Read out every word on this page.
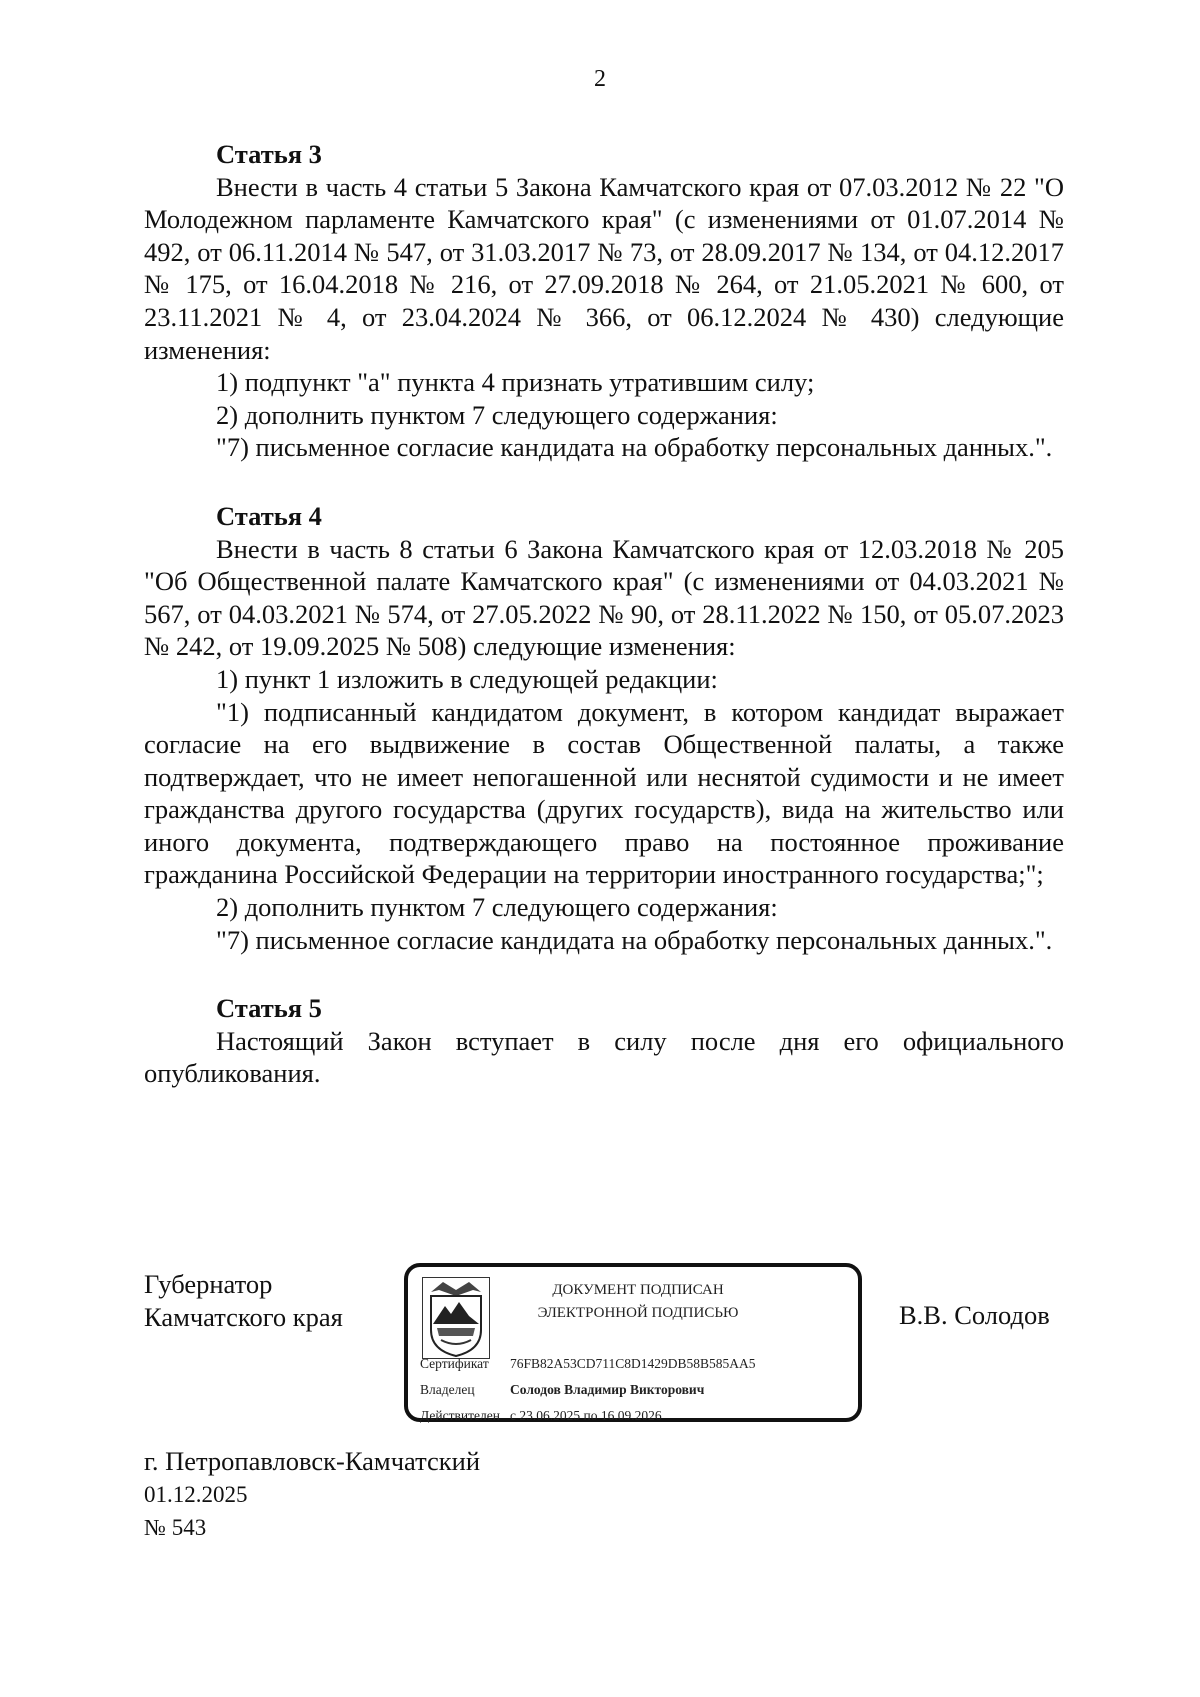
2

Статья 3

Внести в часть 4 статьи 5 Закона Камчатского края от 07.03.2012 № 22 "О Молодежном парламенте Камчатского края" (с изменениями от 01.07.2014 № 492, от 06.11.2014 № 547, от 31.03.2017 № 73, от 28.09.2017 № 134, от 04.12.2017 № 175, от 16.04.2018 № 216, от 27.09.2018 № 264, от 21.05.2021 № 600, от 23.11.2021 № 4, от 23.04.2024 № 366, от 06.12.2024 № 430) следующие изменения:

1) подпункт "а" пункта 4 признать утратившим силу;

2) дополнить пунктом 7 следующего содержания:

"7) письменное согласие кандидата на обработку персональных данных.".

Статья 4

Внести в часть 8 статьи 6 Закона Камчатского края от 12.03.2018 № 205 "Об Общественной палате Камчатского края" (с изменениями от 04.03.2021 № 567, от 04.03.2021 № 574, от 27.05.2022 № 90, от 28.11.2022 № 150, от 05.07.2023 № 242, от 19.09.2025 № 508) следующие изменения:

1) пункт 1 изложить в следующей редакции:

"1) подписанный кандидатом документ, в котором кандидат выражает согласие на его выдвижение в состав Общественной палаты, а также подтверждает, что не имеет непогашенной или неснятой судимости и не имеет гражданства другого государства (других государств), вида на жительство или иного документа, подтверждающего право на постоянное проживание гражданина Российской Федерации на территории иностранного государства;";

2) дополнить пунктом 7 следующего содержания:

"7) письменное согласие кандидата на обработку персональных данных.".

Статья 5

Настоящий Закон вступает в силу после дня его официального опубликования.

Губернатор
Камчатского края
ДОКУМЕНТ ПОДПИСАН
ЭЛЕКТРОННОЙ ПОДПИСЬЮ
Сертификат 76FB82A53CD711C8D1429DB58B585AA5
Владелец	Солодов Владимир Викторович
Действителен с 23.06.2025 по 16.09.2026
В.В. Солодов
г. Петропавловск-Камчатский
01.12.2025
№ 543
